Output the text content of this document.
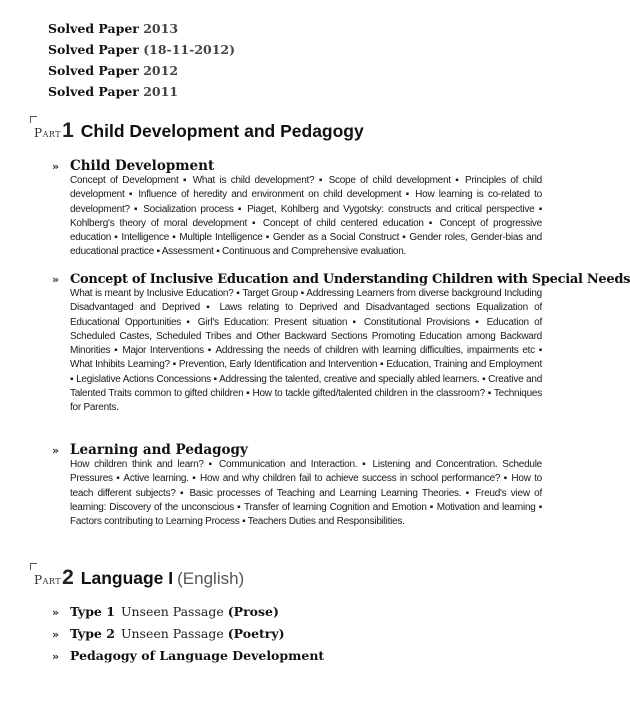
Solved Paper 2013
Solved Paper (18-11-2012)
Solved Paper 2012
Solved Paper 2011
Part 1 Child Development and Pedagogy
» Child Development
Concept of Development ▪ What is child development? ▪ Scope of child development ▪ Principles of child development ▪ Influence of heredity and environment on child development ▪ How learning is co-related to development? ▪ Socialization process ▪ Piaget, Kohlberg and Vygotsky: constructs and critical perspective ▪ Kohlberg's theory of moral development ▪ Concept of child centered education ▪ Concept of progressive education ▪ Intelligence ▪ Multiple Intelligence ▪ Gender as a Social Construct ▪ Gender roles, Gender-bias and educational practice ▪ Assessment ▪ Continuous and Comprehensive evaluation.
» Concept of Inclusive Education and Understanding Children with Special Needs
What is meant by Inclusive Education? ▪ Target Group ▪ Addressing Learners from diverse background Including Disadvantaged and Deprived ▪ Laws relating to Deprived and Disadvantaged sections Equalization of Educational Opportunities ▪ Girl's Education: Present situation ▪ Constitutional Provisions ▪ Education of Scheduled Castes, Scheduled Tribes and Other Backward Sections Promoting Education among Backward Minorities ▪ Major Interventions ▪ Addressing the needs of children with learning difficulties, impairments etc ▪ What Inhibits Learning? ▪ Prevention, Early Identification and Intervention ▪ Education, Training and Employment ▪ Legislative Actions Concessions ▪ Addressing the talented, creative and specially abled learners. ▪ Creative and Talented Traits common to gifted children ▪ How to tackle gifted/talented children in the classroom? ▪ Techniques for Parents.
» Learning and Pedagogy
How children think and learn? ▪ Communication and Interaction. ▪ Listening and Concentration. Schedule Pressures ▪ Active learning. ▪ How and why children fail to achieve success in school performance? ▪ How to teach different subjects? ▪ Basic processes of Teaching and Learning Learning Theories. ▪ Freud's view of learning: Discovery of the unconscious ▪ Transfer of learning Cognition and Emotion ▪ Motivation and learning ▪ Factors contributing to Learning Process ▪ Teachers Duties and Responsibilities.
Part 2 Language I (English)
» Type 1 Unseen Passage (Prose)
» Type 2 Unseen Passage (Poetry)
» Pedagogy of Language Development
